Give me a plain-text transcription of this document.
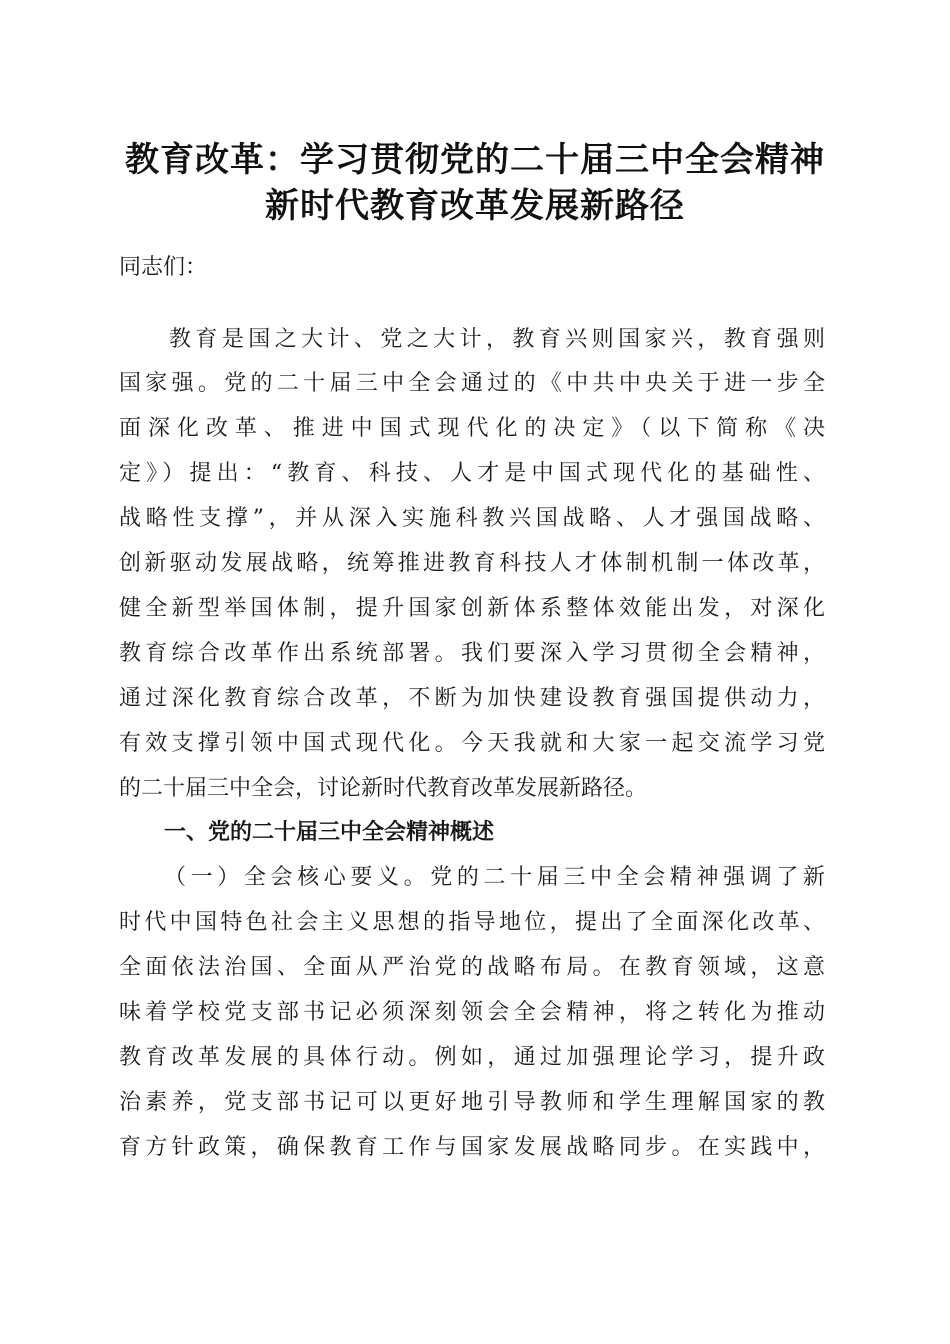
教育改革：学习贯彻党的二十届三中全会精神
新时代教育改革发展新路径
同志们：
教育是国之大计、党之大计，教育兴则国家兴，教育强则
国家强。党的二十届三中全会通过的《中共中央关于进一步全
面深化改革、推进中国式现代化的决定》（以下简称《决
定》）提出：“教育、科技、人才是中国式现代化的基础性、
战略性支撑”，并从深入实施科教兴国战略、人才强国战略、
创新驱动发展战略，统筹推进教育科技人才体制机制一体改革，
健全新型举国体制，提升国家创新体系整体效能出发，对深化
教育综合改革作出系统部署。我们要深入学习贯彻全会精神，
通过深化教育综合改革，不断为加快建设教育强国提供动力，
有效支撑引领中国式现代化。今天我就和大家一起交流学习党
的二十届三中全会，讨论新时代教育改革发展新路径。
一、党的二十届三中全会精神概述
（一）全会核心要义。党的二十届三中全会精神强调了新
时代中国特色社会主义思想的指导地位，提出了全面深化改革、
全面依法治国、全面从严治党的战略布局。在教育领域，这意
味着学校党支部书记必须深刻领会全会精神，将之转化为推动
教育改革发展的具体行动。例如，通过加强理论学习，提升政
治素养，党支部书记可以更好地引导教师和学生理解国家的教
育方针政策，确保教育工作与国家发展战略同步。在实践中，
